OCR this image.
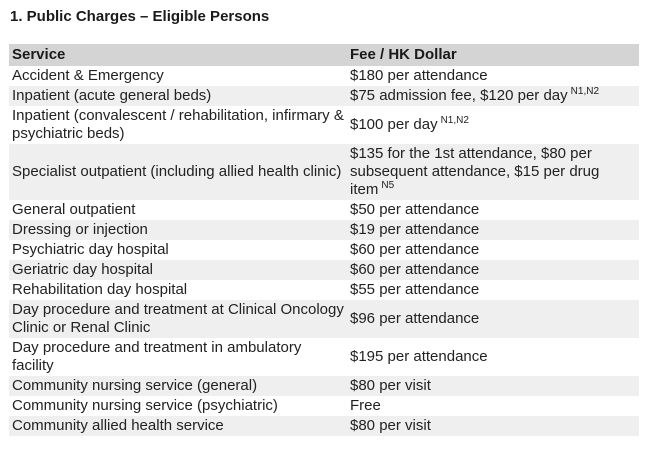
1. Public Charges – Eligible Persons
Service	Fee / HK Dollar
Accident & Emergency	$180 per attendance
Inpatient (acute general beds)	$75 admission fee, $120 per day $^{N1,N2}$
Inpatient (convalescent / rehabilitation, infirmary & psychiatric beds)	$100 per day $^{N1,N2}$
Specialist outpatient (including allied health clinic)	$135 for the 1st attendance, $80 per subsequent attendance, $15 per drug item $^{N5}$
General outpatient	$50 per attendance
Dressing or injection	$19 per attendance
Psychiatric day hospital	$60 per attendance
Geriatric day hospital	$60 per attendance
Rehabilitation day hospital	$55 per attendance
Day procedure and treatment at Clinical Oncology Clinic or Renal Clinic	$96 per attendance
Day procedure and treatment in ambulatory facility	$195 per attendance
Community nursing service (general)	$80 per visit
Community nursing service (psychiatric)	Free
Community allied health service	$80 per visit
